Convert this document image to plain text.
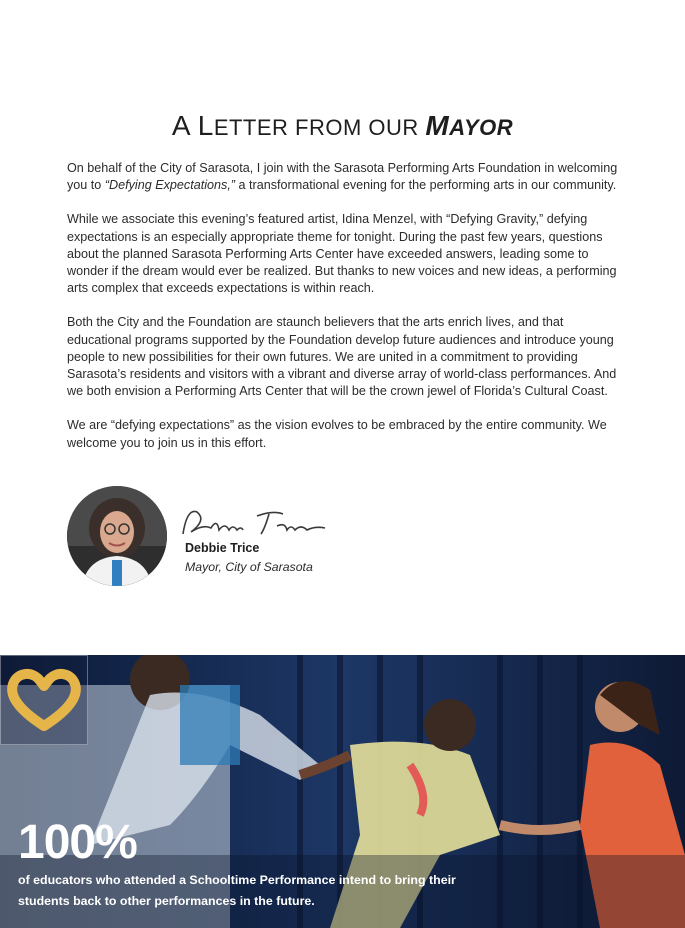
A LETTER FROM OUR MAYOR

On behalf of the City of Sarasota, I join with the Sarasota Performing Arts Foundation in welcoming you to “Defying Expectations,” a transformational evening for the performing arts in our community.

While we associate this evening’s featured artist, Idina Menzel, with “Defying Gravity,” defying expectations is an especially appropriate theme for tonight. During the past few years, questions about the planned Sarasota Performing Arts Center have exceeded answers, leading some to wonder if the dream would ever be realized. But thanks to new voices and new ideas, a performing arts complex that exceeds expectations is within reach.

Both the City and the Foundation are staunch believers that the arts enrich lives, and that educational programs supported by the Foundation develop future audiences and introduce young people to new possibilities for their own futures. We are united in a commitment to providing Sarasota’s residents and visitors with a vibrant and diverse array of world-class performances. And we both envision a Performing Arts Center that will be the crown jewel of Florida’s Cultural Coast.

We are “defying expectations” as the vision evolves to be embraced by the entire community. We welcome you to join us in this effort.

Debbie Trice
Mayor, City of Sarasota
100%
of educators who attended a Schooltime Performance intend to bring their students back to other performances in the future.
